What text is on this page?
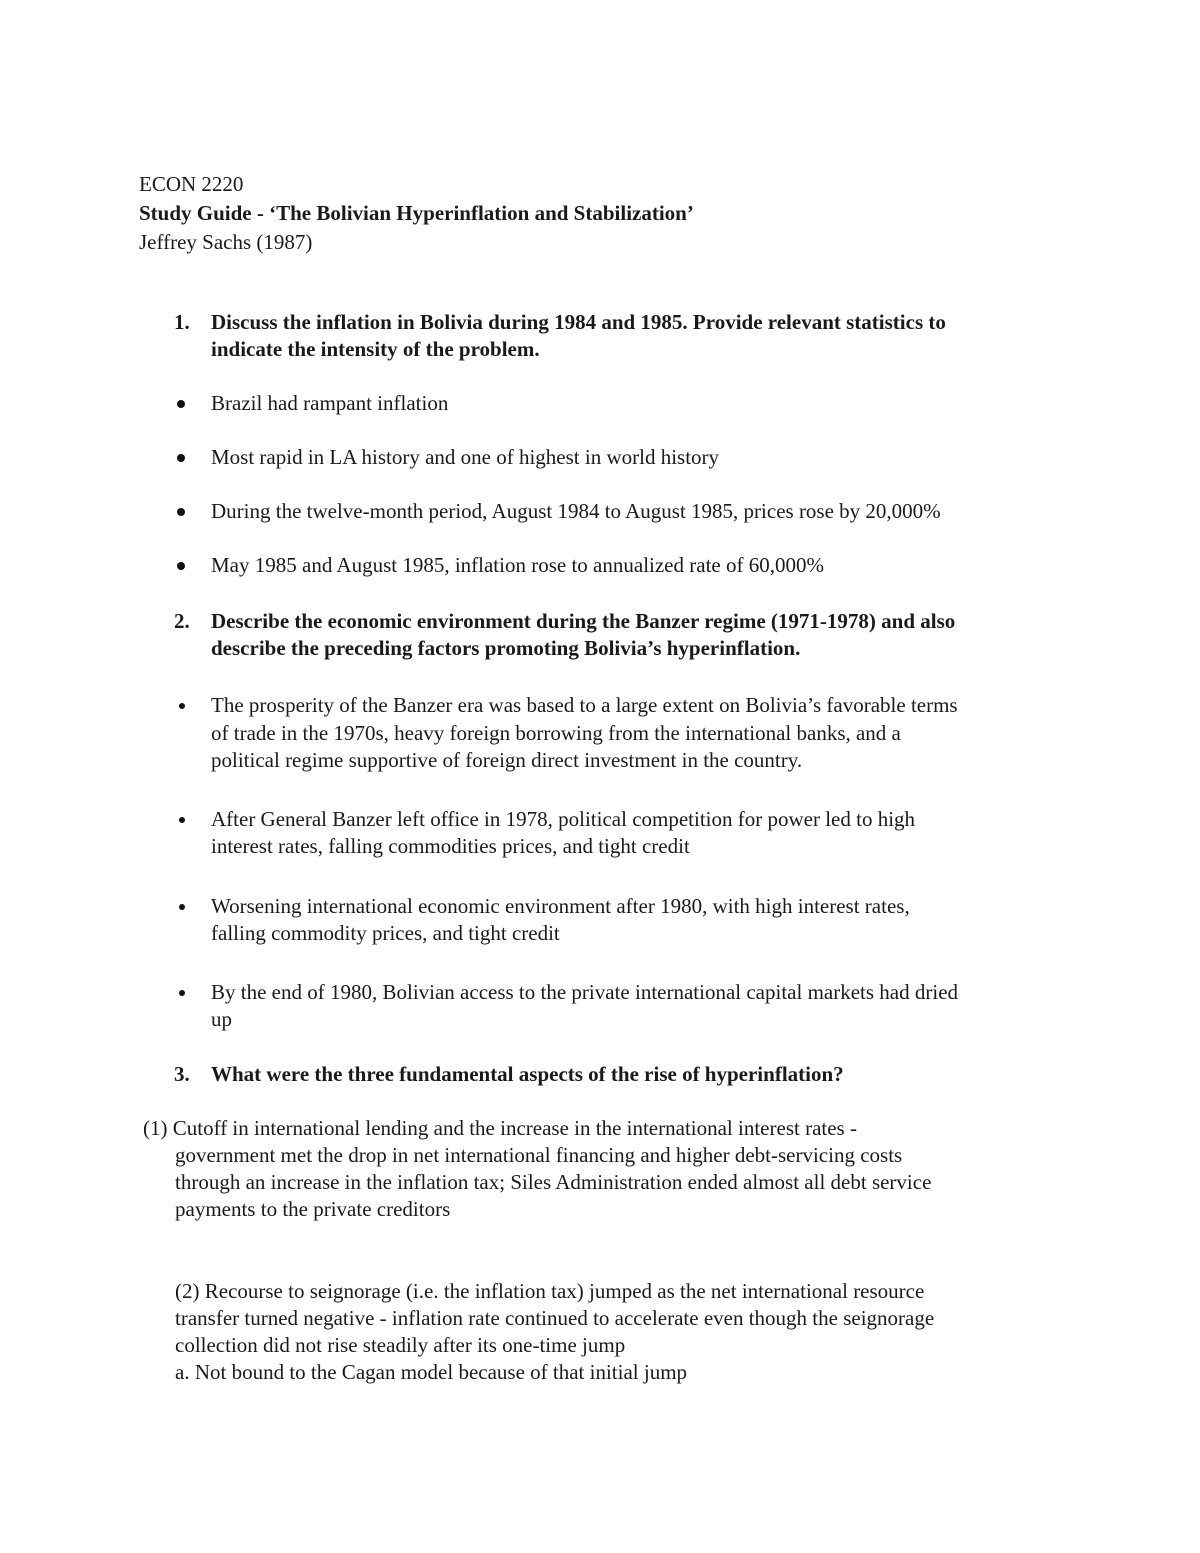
ECON 2220
Study Guide - ‘The Bolivian Hyperinflation and Stabilization’
Jeffrey Sachs (1987)
1. Discuss the inflation in Bolivia during 1984 and 1985. Provide relevant statistics to
indicate the intensity of the problem.
Brazil had rampant inflation
Most rapid in LA history and one of highest in world history
During the twelve-month period, August 1984 to August 1985, prices rose by 20,000%
May 1985 and August 1985, inflation rose to annualized rate of 60,000%
2. Describe the economic environment during the Banzer regime (1971-1978) and also
describe the preceding factors promoting Bolivia’s hyperinflation.
The prosperity of the Banzer era was based to a large extent on Bolivia’s favorable terms
of trade in the 1970s, heavy foreign borrowing from the international banks, and a
political regime supportive of foreign direct investment in the country.
After General Banzer left office in 1978, political competition for power led to high
interest rates, falling commodities prices, and tight credit
Worsening international economic environment after 1980, with high interest rates,
falling commodity prices, and tight credit
By the end of 1980, Bolivian access to the private international capital markets had dried
up
3. What were the three fundamental aspects of the rise of hyperinflation?
(1) Cutoff in international lending and the increase in the international interest rates -
government met the drop in net international financing and higher debt-servicing costs
through an increase in the inflation tax; Siles Administration ended almost all debt service
payments to the private creditors
(2) Recourse to seignorage (i.e. the inflation tax) jumped as the net international resource
transfer turned negative - inflation rate continued to accelerate even though the seignorage
collection did not rise steadily after its one-time jump
a. Not bound to the Cagan model because of that initial jump
